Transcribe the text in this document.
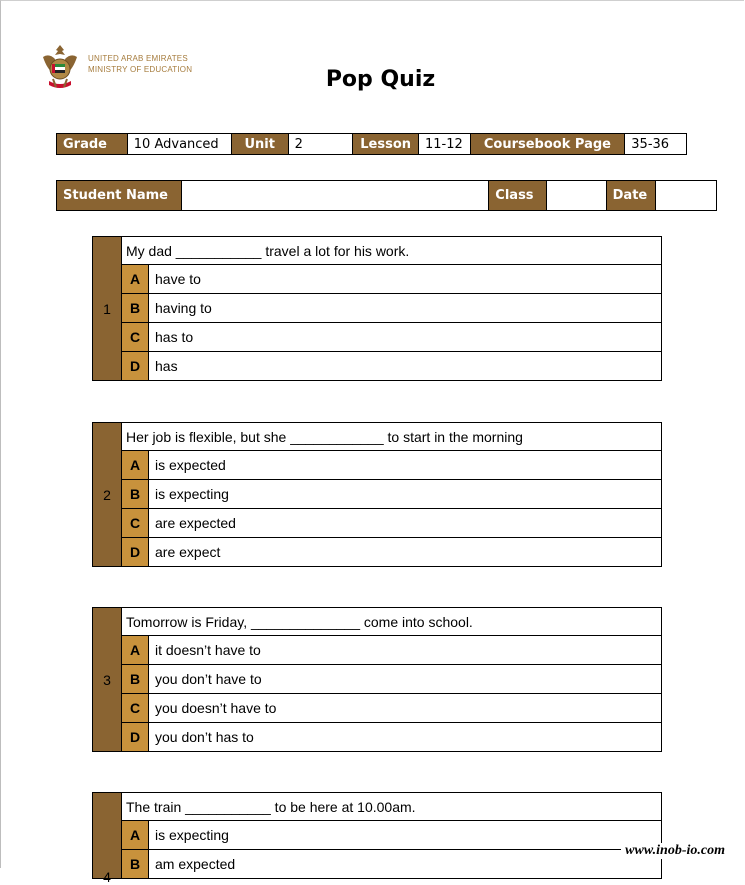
UNITED ARAB EMIRATES
MINISTRY OF EDUCATION	Pop Quiz
Grade	10 Advanced	Unit	2	Lesson	11-12	Coursebook Page	35-36
Student Name		Class		Date	
1	My dad ___________ travel a lot for his work.	
	A	have to
	B	having to
	C	has to
	D	has
2	Her job is flexible, but she ____________ to start in the morning	
	A	is expected
	B	is expecting
	C	are expected
	D	are expect
3	Tomorrow is Friday, ______________ come into school.	
	A	it doesn’t have to
	B	you don’t have to
	C	you doesn’t have to
	D	you don’t has to
4	The train ___________ to be here at 10.00am.	
	A	is expecting
	B	am expected
www.inob-io.com
